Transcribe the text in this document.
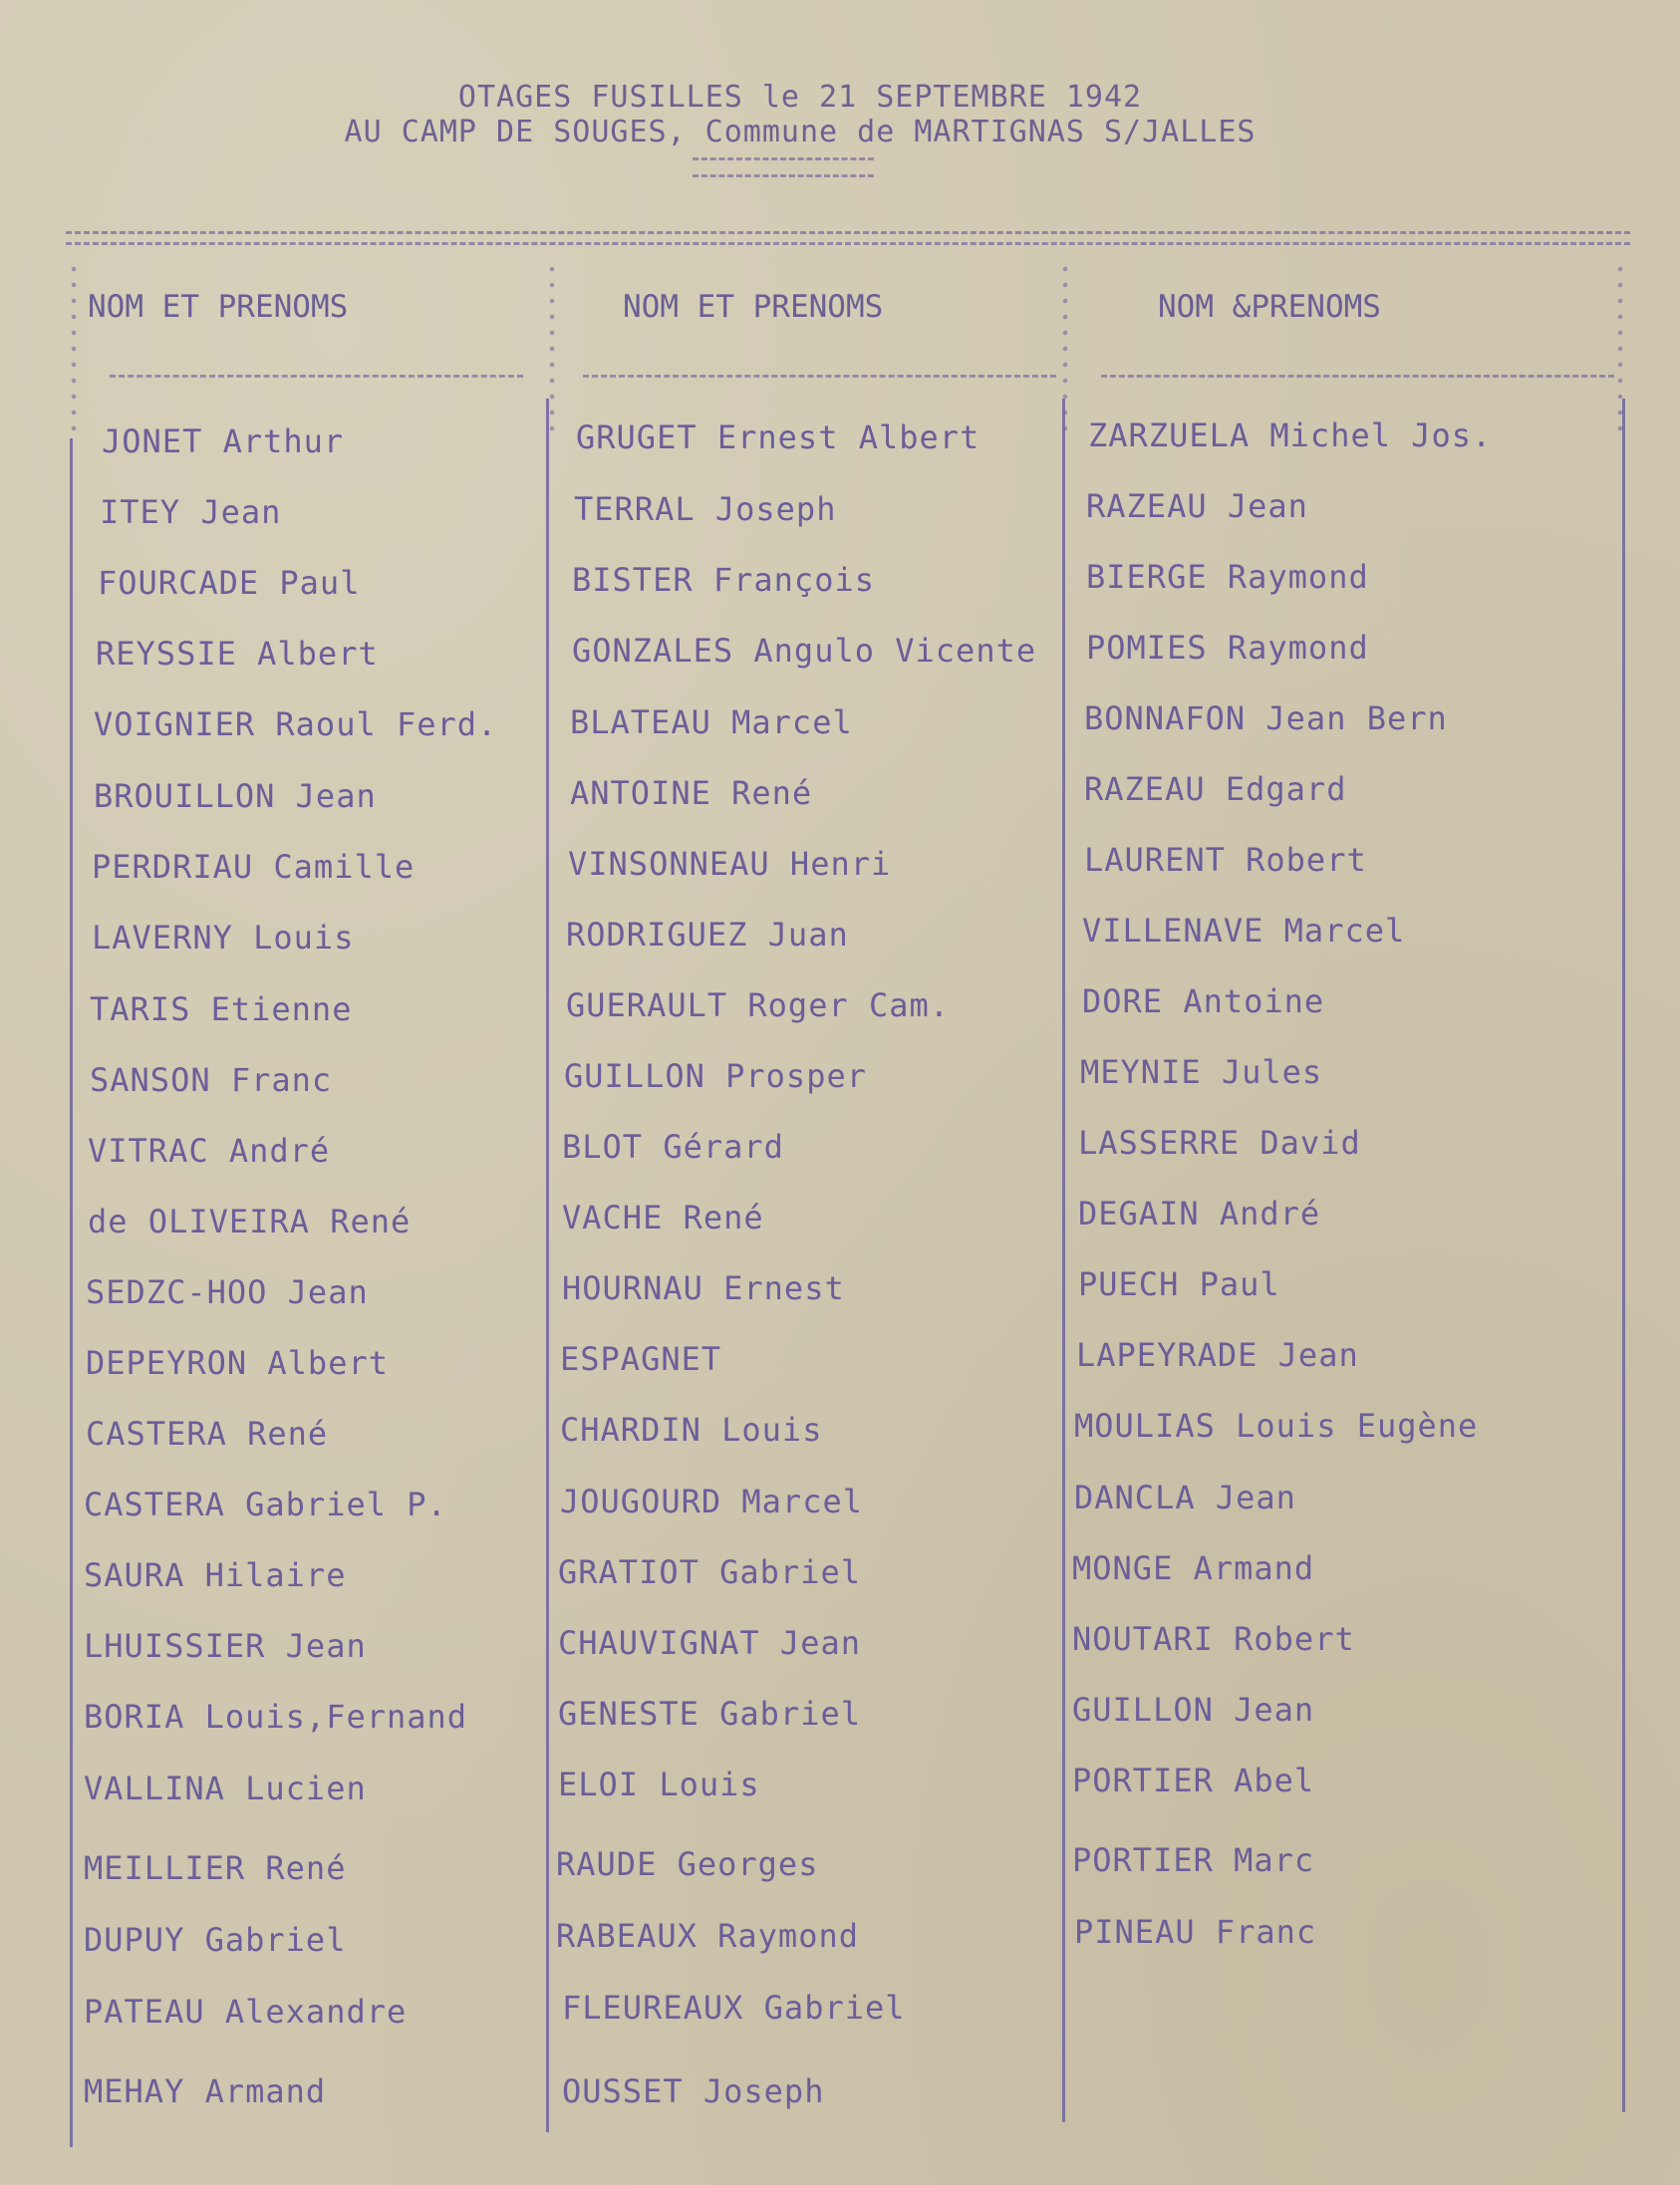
OTAGES FUSILLES le 21 SEPTEMBRE 1942
AU CAMP DE SOUGES, Commune de MARTIGNAS S/JALLES
NOM ET PRENOMS	NOM ET PRENOMS	NOM &PRENOMS
JONET Arthur
ITEY Jean
FOURCADE Paul
REYSSIE Albert
VOIGNIER Raoul Ferd.
BROUILLON Jean
PERDRIAU Camille
LAVERNY Louis
TARIS Etienne
SANSON Franc
VITRAC André
de OLIVEIRA René
SEDZC-HOO Jean
DEPEYRON Albert
CASTERA René
CASTERA Gabriel P.
SAURA Hilaire
LHUISSIER Jean
BORIA Louis,Fernand
VALLINA Lucien
MEILLIER René
DUPUY Gabriel
PATEAU Alexandre
MEHAY Armand
GRUGET Ernest Albert
TERRAL Joseph
BISTER François
GONZALES Angulo Vicente
BLATEAU Marcel
ANTOINE René
VINSONNEAU Henri
RODRIGUEZ Juan
GUERAULT Roger Cam.
GUILLON Prosper
BLOT Gérard
VACHE René
HOURNAU Ernest
ESPAGNET
CHARDIN Louis
JOUGOURD Marcel
GRATIOT Gabriel
CHAUVIGNAT Jean
GENESTE Gabriel
ELOI Louis
RAUDE Georges
RABEAUX Raymond
FLEUREAUX Gabriel
OUSSET Joseph
ZARZUELA Michel Jos.
RAZEAU Jean
BIERGE Raymond
POMIES Raymond
BONNAFON Jean Bern
RAZEAU Edgard
LAURENT Robert
VILLENAVE Marcel
DORE Antoine
MEYNIE Jules
LASSERRE David
DEGAIN André
PUECH Paul
LAPEYRADE Jean
MOULIAS Louis Eugène
DANCLA Jean
MONGE Armand
NOUTARI Robert
GUILLON Jean
PORTIER Abel
PORTIER Marc
PINEAU Franc
